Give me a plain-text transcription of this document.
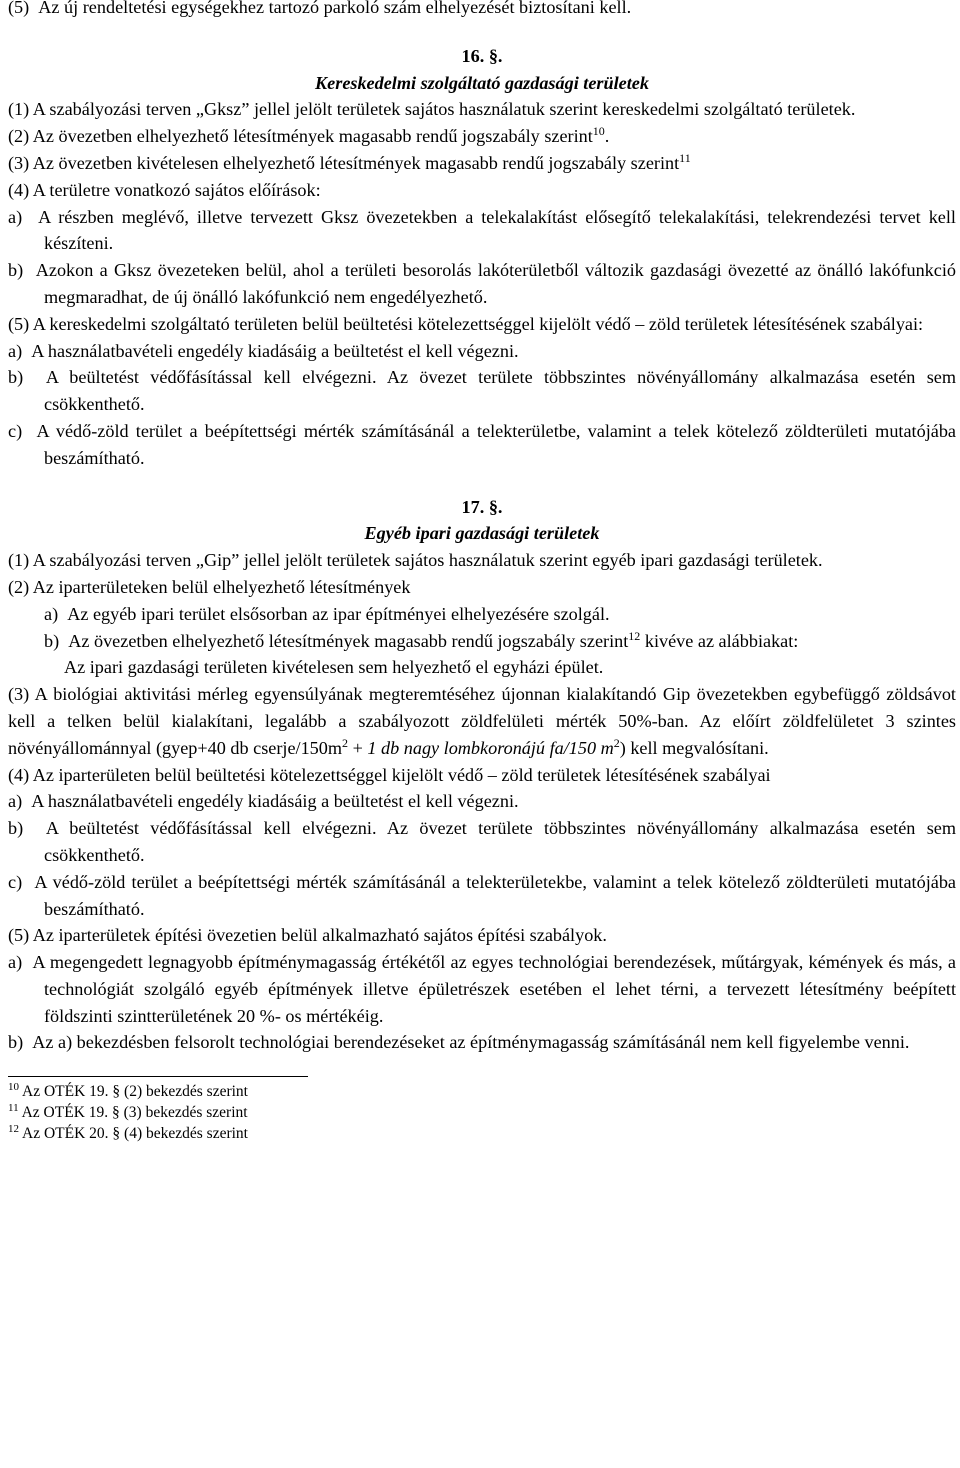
(5)  Az új rendeltetési egységekhez tartozó parkoló szám elhelyezését biztosítani kell.

16. §.

Kereskedelmi szolgáltató gazdasági területek

(1) A szabályozási terven „Gksz” jellel jelölt területek sajátos használatuk szerint kereskedelmi szolgáltató területek.

(2) Az övezetben elhelyezhető létesítmények magasabb rendű jogszabály szerint$^{10}$.

(3) Az övezetben kivételesen elhelyezhető létesítmények magasabb rendű jogszabály szerint$^{11}$

(4) A területre vonatkozó sajátos előírások:

a)  A részben meglévő, illetve tervezett Gksz övezetekben a telekalakítást elősegítő telekalakítási, telekrendezési tervet kell készíteni.

b)  Azokon a Gksz övezeteken belül, ahol a területi besorolás lakóterületből változik gazdasági övezetté az önálló lakófunkció megmaradhat, de új önálló lakófunkció nem engedélyezhető.

(5) A kereskedelmi szolgáltató területen belül beültetési kötelezettséggel kijelölt védő – zöld területek létesítésének szabályai:

a)  A használatbavételi engedély kiadásáig a beültetést el kell végezni.

b)  A beültetést védőfásítással kell elvégezni. Az övezet területe többszintes növényállomány alkalmazása esetén sem csökkenthető.

c)  A védő-zöld terület a beépítettségi mérték számításánál a telekterületbe, valamint a telek kötelező zöldterületi mutatójába beszámítható.

17. §.

Egyéb ipari gazdasági területek

(1) A szabályozási terven „Gip” jellel jelölt területek sajátos használatuk szerint egyéb ipari gazdasági területek.

(2) Az iparterületeken belül elhelyezhető létesítmények

a)  Az egyéb ipari terület elsősorban az ipar építményei elhelyezésére szolgál.

b)  Az övezetben elhelyezhető létesítmények magasabb rendű jogszabály szerint$^{12}$ kivéve az alábbiakat:

Az ipari gazdasági területen kivételesen sem helyezhető el egyházi épület.

(3) A biológiai aktivitási mérleg egyensúlyának megteremtéséhez újonnan kialakítandó Gip övezetekben egybefüggő zöldsávot kell a telken belül kialakítani, legalább a szabályozott zöldfelületi mérték 50%-ban. Az előírt zöldfelületet 3 szintes növényállománnyal (gyep+40 db cserje/$150m^2 + 1$ db nagy lombkoronájú fa/150 $m^2$) kell megvalósítani.

(4) Az iparterületen belül beültetési kötelezettséggel kijelölt védő – zöld területek létesítésének szabályai

a)  A használatbavételi engedély kiadásáig a beültetést el kell végezni.

b)  A beültetést védőfásítással kell elvégezni. Az övezet területe többszintes növényállomány alkalmazása esetén sem csökkenthető.

c)  A védő-zöld terület a beépítettségi mérték számításánál a telekterületekbe, valamint a telek kötelező zöldterületi mutatójába beszámítható.

(5) Az iparterületek építési övezetien belül alkalmazható sajátos építési szabályok.

a)  A megengedett legnagyobb építménymagasság értékétől az egyes technológiai berendezések, műtárgyak, kémények és más, a technológiát szolgáló egyéb építmények illetve épületrészek esetében el lehet térni, a tervezett létesítmény beépített földszinti szintterületének 20 %- os mértékéig.

b)  Az a) bekezdésben felsorolt technológiai berendezéseket az építménymagasság számításánál nem kell figyelembe venni.

$^{10}$ Az OTÉK 19. § (2) bekezdés szerint
$^{11}$ Az OTÉK 19. § (3) bekezdés szerint
$^{12}$ Az OTÉK 20. § (4) bekezdés szerint
